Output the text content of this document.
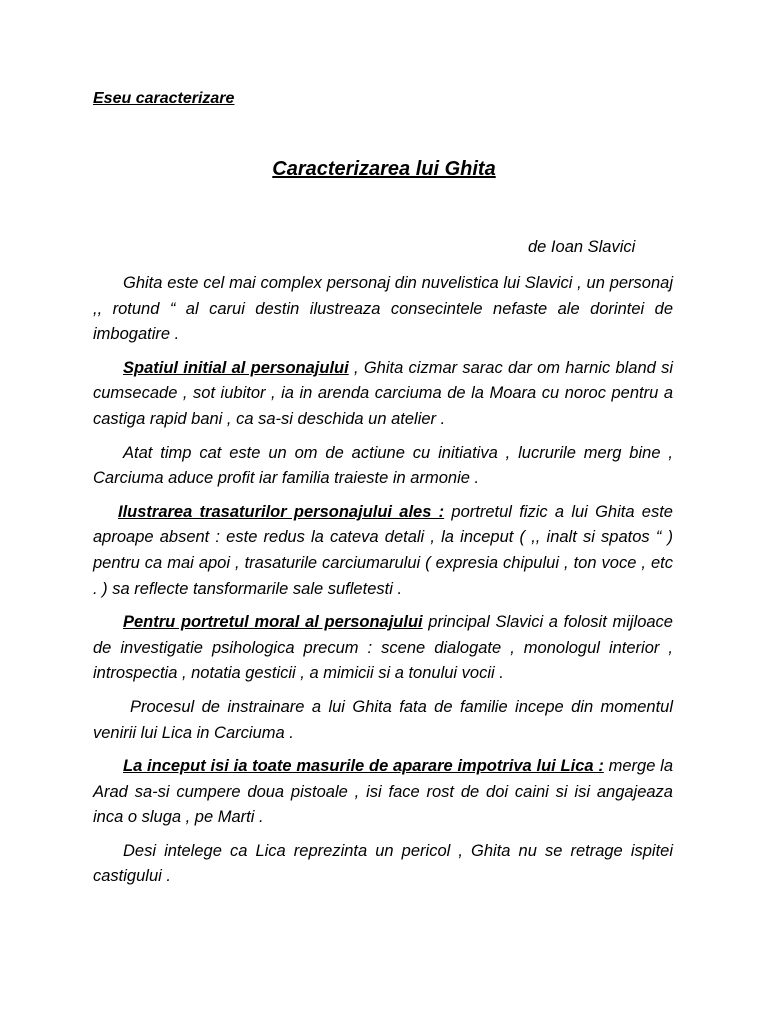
Eseu caracterizare
Caracterizarea lui Ghita
de Ioan Slavici

Ghita este cel mai complex personaj din nuvelistica lui Slavici , un personaj ,, rotund “ al carui destin ilustreaza consecintele nefaste ale dorintei de imbogatire .

Spatiul initial al personajului , Ghita cizmar sarac dar om harnic bland si cumsecade , sot iubitor , ia in arenda carciuma de la Moara cu noroc pentru a castiga rapid bani , ca sa-si deschida un atelier .

Atat timp cat este un om de actiune cu initiativa , lucrurile merg bine , Carciuma aduce profit iar familia traieste in armonie .

Ilustrarea trasaturilor personajului ales : portretul fizic a lui Ghita este aproape absent : este redus la cateva detali , la inceput ( ,, inalt si spatos “ ) pentru ca mai apoi , trasaturile carciumarului ( expresia chipului , ton voce , etc . ) sa reflecte tansformarile sale sufletesti .

Pentru portretul moral al personajului principal Slavici a folosit mijloace de investigatie psihologica precum : scene dialogate , monologul interior , introspectia , notatia gesticii , a mimicii si a tonului vocii .

Procesul de instrainare a lui Ghita fata de familie incepe din momentul venirii lui Lica in Carciuma .

La inceput isi ia toate masurile de aparare impotriva lui Lica : merge la Arad sa-si cumpere doua pistoale , isi face rost de doi caini si isi angajeaza inca o sluga , pe Marti .

Desi intelege ca Lica reprezinta un pericol , Ghita nu se retrage ispitei castigului .
